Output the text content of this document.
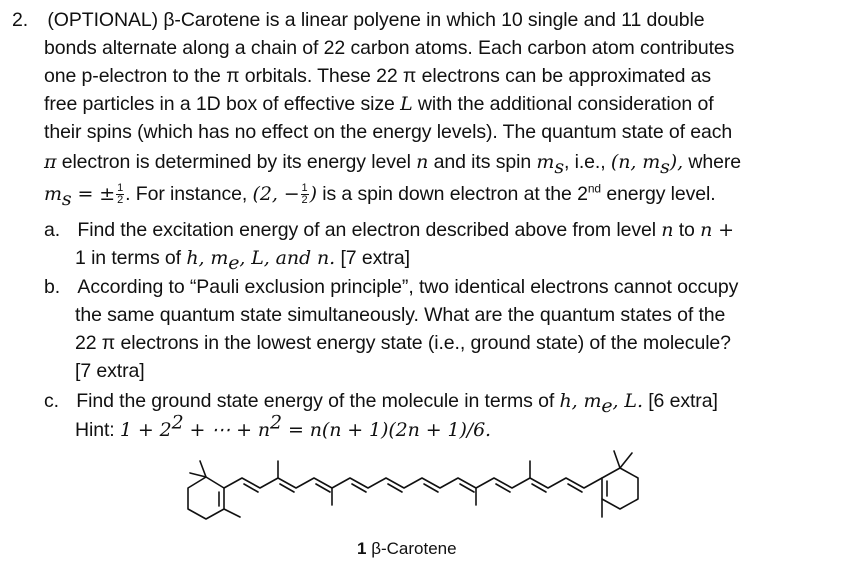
2. (OPTIONAL) β-Carotene is a linear polyene in which 10 single and 11 double
bonds alternate along a chain of 22 carbon atoms. Each carbon atom contributes
one p-electron to the π orbitals. These 22 π electrons can be approximated as
free particles in a 1D box of effective size L with the additional consideration of
their spins (which has no effect on the energy levels). The quantum state of each
π electron is determined by its energy level n and its spin $m_s$, i.e., (n, $m_s$), where
$m_s$ = ± $\frac{1}{2}$ . For instance, (2, − $\frac{1}{2}$ ) is a spin down electron at the 2nd energy level.
a. Find the excitation energy of an electron described above from level n to n +
1 in terms of h, $m_e$, L, and n. [7 extra]
b. According to “Pauli exclusion principle”, two identical electrons cannot occupy
the same quantum state simultaneously. What are the quantum states of the
22 π electrons in the lowest energy state (i.e., ground state) of the molecule?
[7 extra]
c. Find the ground state energy of the molecule in terms of h, $m_e$, L. [6 extra]
Hint: $1 + 2^2$ + ⋯ + $n^2 = n(n + 1)(2n + 1)/6$.
1 β-Carotene
